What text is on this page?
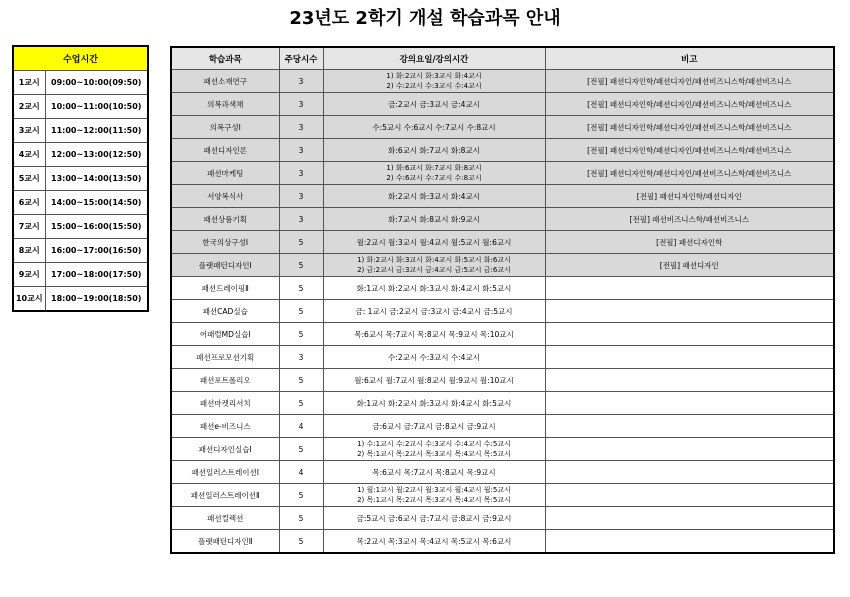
23년도 2학기 개설 학습과목 안내
수업시간	
1교시	09:00~10:00(09:50)
2교시	10:00~11:00(10:50)
3교시	11:00~12:00(11:50)
4교시	12:00~13:00(12:50)
5교시	13:00~14:00(13:50)
6교시	14:00~15:00(14:50)
7교시	15:00~16:00(15:50)
8교시	16:00~17:00(16:50)
9교시	17:00~18:00(17:50)
10교시	18:00~19:00(18:50)
학습과목	주당시수	강의요일/강의시간	비고
패션소재연구	3	1) 화:2교시 화:3교시 화:4교시
2) 수:2교시 수:3교시 수:4교시	[전필] 패션디자인학/패션디자인/패션비즈니스학/패션비즈니스
의복과색채	3	금:2교시 금:3교시 금:4교시	[전필] 패션디자인학/패션디자인/패션비즈니스학/패션비즈니스
의복구성Ⅰ	3	수:5교시 수:6교시 수:7교시 수:8교시	[전필] 패션디자인학/패션디자인/패션비즈니스학/패션비즈니스
패션디자인론	3	화:6교시 화:7교시 화:8교시	[전필] 패션디자인학/패션디자인/패션비즈니스학/패션비즈니스
패션마케팅	3	1) 화:6교시 화:7교시 화:8교시
2) 수:6교시 수:7교시 수:8교시	[전필] 패션디자인학/패션디자인/패션비즈니스학/패션비즈니스
서양복식사	3	화:2교시 화:3교시 화:4교시	[전필] 패션디자인학/패션디자인
패션상품기획	3	화:7교시 화:8교시 화:9교시	[전필] 패션비즈니스학/패션비즈니스
한국의상구성Ⅰ	5	월:2교시 월:3교시 월:4교시 월:5교시 월:6교시	[전필] 패션디자인학
플랫패턴디자인Ⅰ	5	1) 화:2교시 화:3교시 화:4교시 화:5교시 화:6교시
2) 금:2교시 금:3교시 금:4교시 금:5교시 금:6교시	[전필] 패션디자인
패션드레이핑Ⅱ	5	화:1교시 화:2교시 화:3교시 화:4교시 화:5교시	

패션CAD실습	5	금: 1교시 금:2교시 금:3교시 금:4교시 금:5교시	

어패럴MD실습Ⅰ	5	목:6교시 목:7교시 목:8교시 목:9교시 목:10교시	

패션프로모션기획	3	수:2교시 수:3교시 수:4교시	

패션포트폴리오	5	월:6교시 월:7교시 월:8교시 월:9교시 월:10교시	

패션마켓리서치	5	화:1교시 화:2교시 화:3교시 화:4교시 화:5교시	

패션e-비즈니스	4	금:6교시 금:7교시 금:8교시 금:9교시	

패션디자인실습Ⅰ	5	1) 수:1교시 수:2교시 수:3교시 수:4교시 수:5교시
2) 목:1교시 목:2교시 목:3교시 목:4교시 목:5교시	

패션일러스트레이션Ⅰ	4	목:6교시 목:7교시 목:8교시 목:9교시	

패션일러스트레이션Ⅱ	5	1) 월:1교시 월:2교시 월:3교시 월:4교시 월:5교시
2) 목:1교시 목:2교시 목:3교시 목:4교시 목:5교시	

패션컬렉션	5	금:5교시 금:6교시 금:7교시 금:8교시 금:9교시	

플랫패턴디자인Ⅱ	5	목:2교시 목:3교시 목:4교시 목:5교시 목:6교시	
